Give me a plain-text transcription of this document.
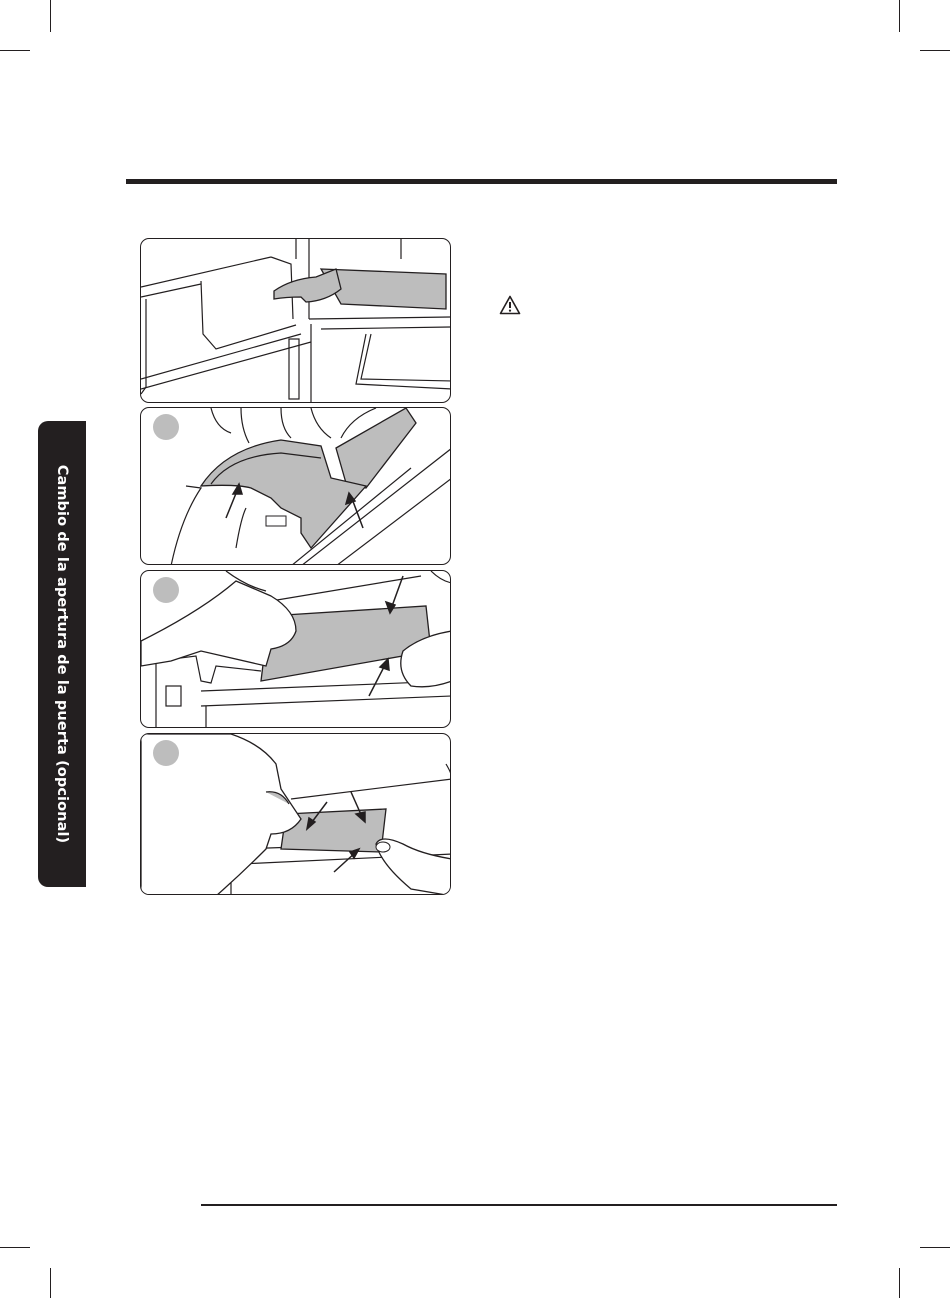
Cambio de la apertura de la puerta (opcional)
